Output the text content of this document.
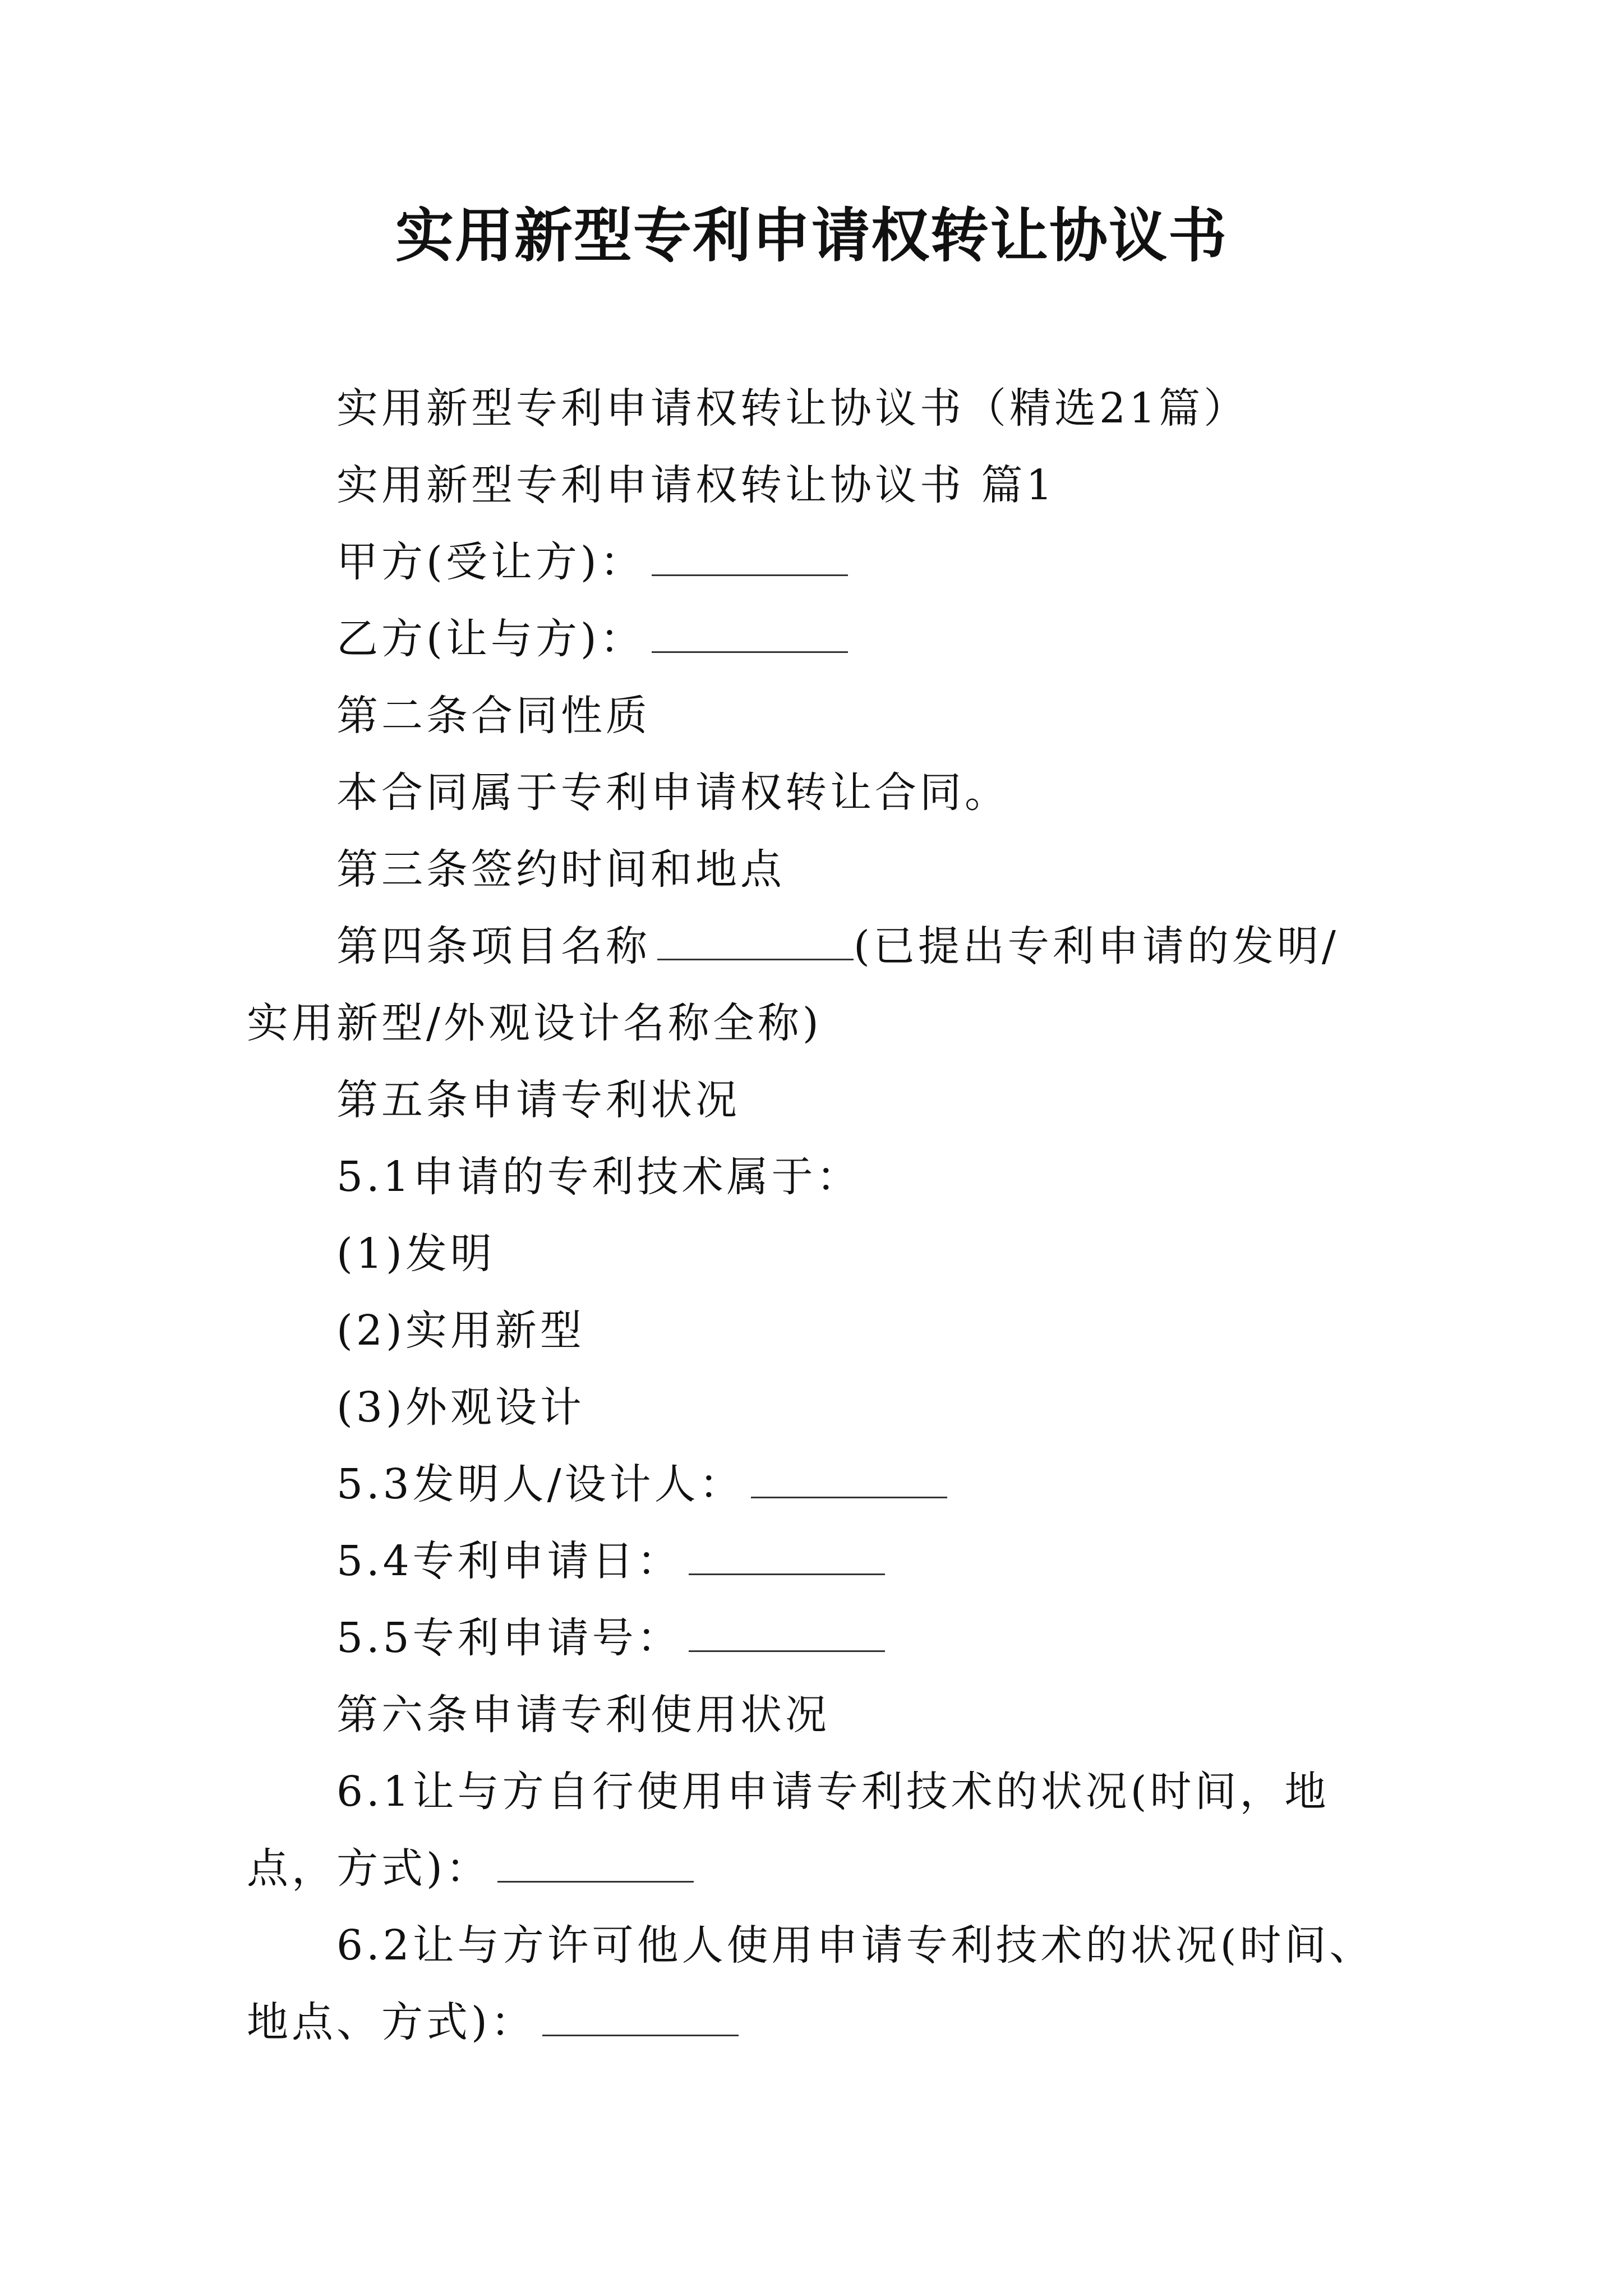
实用新型专利申请权转让协议书

实用新型专利申请权转让协议书（精选21篇）

实用新型专利申请权转让协议书 篇1

甲方(受让方)：

乙方(让与方)：

第二条合同性质

本合同属于专利申请权转让合同。

第三条签约时间和地点

第四条项目名称	(已提出专利申请的发明/实用新型/外观设计名称全称)

第五条申请专利状况

5.1申请的专利技术属于：

(1)发明

(2)实用新型

(3)外观设计

5.3发明人/设计人：

5.4专利申请日：

5.5专利申请号：

第六条申请专利使用状况

6.1让与方自行使用申请专利技术的状况(时间，地点，方式)：

6.2让与方许可他人使用申请专利技术的状况(时间、地点、方式)：
